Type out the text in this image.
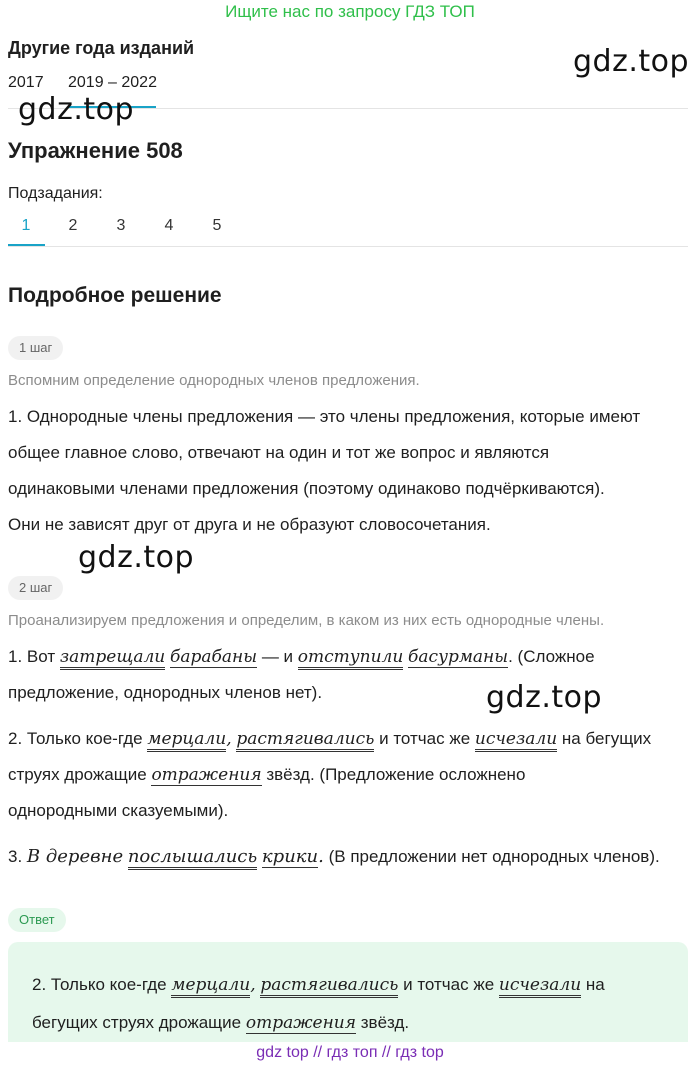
Ищите нас по запросу ГДЗ ТОП
Другие года изданий
2017 2019 – 2022
gdz.top
gdz.top
Упражнение 508
Подзадания:
1	2	3	4	5
Подробное решение
1 шаг
Вспомним определение однородных членов предложения.
1. Однородные члены предложения — это члены предложения, которые имеют
общее главное слово, отвечают на один и тот же вопрос и являются
одинаковыми членами предложения (поэтому одинаково подчёркиваются).
Они не зависят друг от друга и не образуют словосочетания.
gdz.top
2 шаг
Проанализируем предложения и определим, в каком из них есть однородные члены.
1. Вот затрещали барабаны — и отступили басурманы. (Сложное
предложение, однородных членов нет).	gdz.top
2. Только кое-где мерцали, растягивались и тотчас же исчезали на бегущих
струях дрожащие отражения звёзд. (Предложение осложнено
однородными сказуемыми).
3. В деревне послышались крики. (В предложении нет однородных членов).
Ответ
2. Только кое-где мерцали, растягивались и тотчас же исчезали на
бегущих струях дрожащие отражения звёзд.
gdz top // гдз топ // гдз top
